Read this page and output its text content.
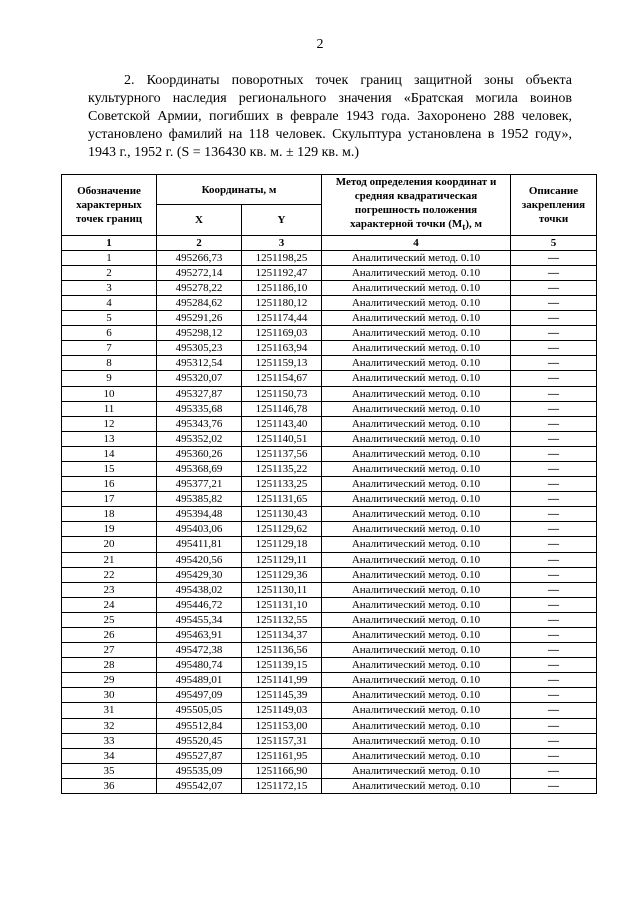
2
2. Координаты поворотных точек границ защитной зоны объекта культурного наследия регионального значения «Братская могила воинов Советской Армии, погибших в феврале 1943 года. Захоронено 288 человек, установлено фамилий на 118 человек. Скульптура установлена в 1952 году», 1943 г., 1952 г. (S = 136430 кв. м. ± 129 кв. м.)
Обозначение характерных точек границ	Координаты, м		Метод определения координат и средняя квадратическая погрешность положения характерной точки $(M_t)$, м	Описание закрепления точки
	X	Y		
1	2	3	4	5
1	495266,73	1251198,25	Аналитический метод. 0.10	—
2	495272,14	1251192,47	Аналитический метод. 0.10	—
3	495278,22	1251186,10	Аналитический метод. 0.10	—
4	495284,62	1251180,12	Аналитический метод. 0.10	—
5	495291,26	1251174,44	Аналитический метод. 0.10	—
6	495298,12	1251169,03	Аналитический метод. 0.10	—
7	495305,23	1251163,94	Аналитический метод. 0.10	—
8	495312,54	1251159,13	Аналитический метод. 0.10	—
9	495320,07	1251154,67	Аналитический метод. 0.10	—
10	495327,87	1251150,73	Аналитический метод. 0.10	—
11	495335,68	1251146,78	Аналитический метод. 0.10	—
12	495343,76	1251143,40	Аналитический метод. 0.10	—
13	495352,02	1251140,51	Аналитический метод. 0.10	—
14	495360,26	1251137,56	Аналитический метод. 0.10	—
15	495368,69	1251135,22	Аналитический метод. 0.10	—
16	495377,21	1251133,25	Аналитический метод. 0.10	—
17	495385,82	1251131,65	Аналитический метод. 0.10	—
18	495394,48	1251130,43	Аналитический метод. 0.10	—
19	495403,06	1251129,62	Аналитический метод. 0.10	—
20	495411,81	1251129,18	Аналитический метод. 0.10	—
21	495420,56	1251129,11	Аналитический метод. 0.10	—
22	495429,30	1251129,36	Аналитический метод. 0.10	—
23	495438,02	1251130,11	Аналитический метод. 0.10	—
24	495446,72	1251131,10	Аналитический метод. 0.10	—
25	495455,34	1251132,55	Аналитический метод. 0.10	—
26	495463,91	1251134,37	Аналитический метод. 0.10	—
27	495472,38	1251136,56	Аналитический метод. 0.10	—
28	495480,74	1251139,15	Аналитический метод. 0.10	—
29	495489,01	1251141,99	Аналитический метод. 0.10	—
30	495497,09	1251145,39	Аналитический метод. 0.10	—
31	495505,05	1251149,03	Аналитический метод. 0.10	—
32	495512,84	1251153,00	Аналитический метод. 0.10	—
33	495520,45	1251157,31	Аналитический метод. 0.10	—
34	495527,87	1251161,95	Аналитический метод. 0.10	—
35	495535,09	1251166,90	Аналитический метод. 0.10	—
36	495542,07	1251172,15	Аналитический метод. 0.10	—
